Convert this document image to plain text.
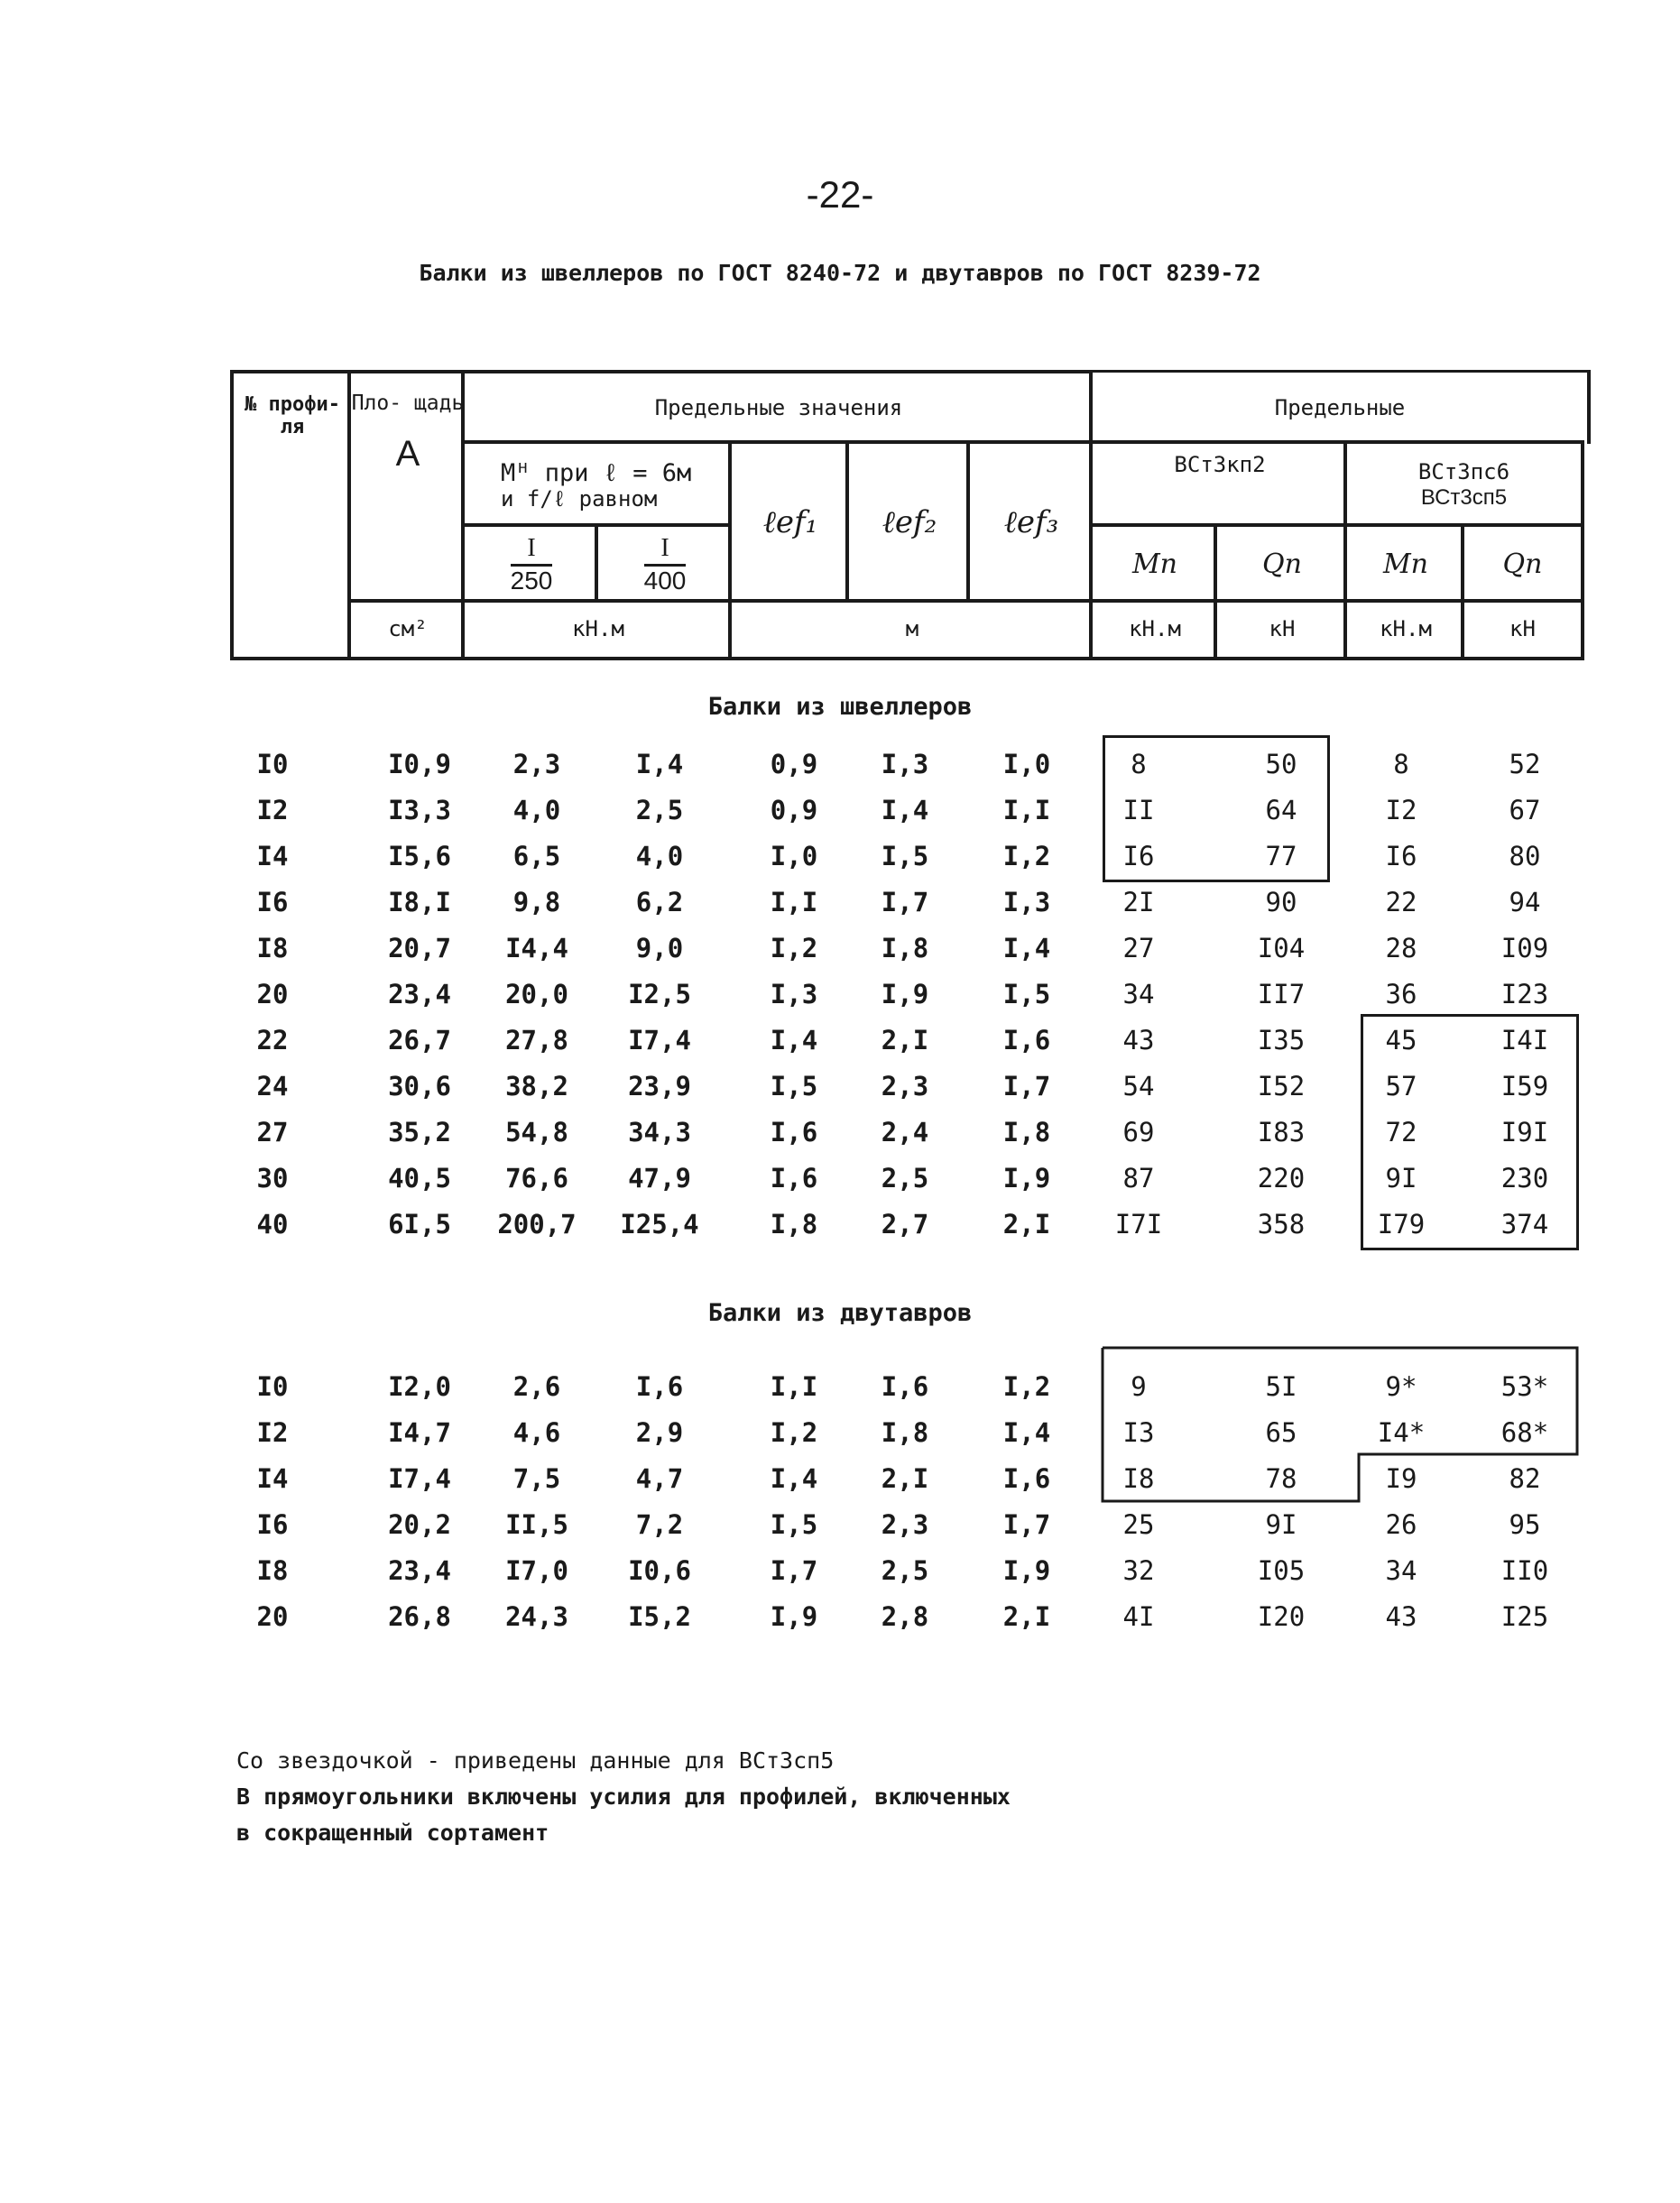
-22-
Балки из швеллеров по ГОСТ 8240-72 и двутавров по ГОСТ 8239-72
№ профи- ля
Пло- щадь
А
Предельные значения	Предельные
Mᴴ при ℓ = 6м
и f/ℓ равном
$\frac{I}{250}$
$\frac{I}{400}$
ℓef₁	ℓef₂	ℓef₃
ВСт3кп2	ВСт3пс6
ВСт3сп5
Mn	Qn	Mn	Qn
см²	кН.м	м	кН.м	кН	кН.м	кН
Балки из швеллеров
I0	I0,9	2,3	I,4	0,9	I,3	I,0	8	50	8	52
I2	I3,3	4,0	2,5	0,9	I,4	I,I	II	64	I2	67
I4	I5,6	6,5	4,0	I,0	I,5	I,2	I6	77	I6	80
I6	I8,I	9,8	6,2	I,I	I,7	I,3	2I	90	22	94
I8	20,7	I4,4	9,0	I,2	I,8	I,4	27	I04	28	I09
20	23,4	20,0	I2,5	I,3	I,9	I,5	34	II7	36	I23
22	26,7	27,8	I7,4	I,4	2,I	I,6	43	I35	45	I4I
24	30,6	38,2	23,9	I,5	2,3	I,7	54	I52	57	I59
27	35,2	54,8	34,3	I,6	2,4	I,8	69	I83	72	I9I
30	40,5	76,6	47,9	I,6	2,5	I,9	87	220	9I	230
40	6I,5	200,7	I25,4	I,8	2,7	2,I	I7I	358	I79	374
Балки из двутавров
I0	I2,0	2,6	I,6	I,I	I,6	I,2	9	5I	9*	53*
I2	I4,7	4,6	2,9	I,2	I,8	I,4	I3	65	I4*	68*
I4	I7,4	7,5	4,7	I,4	2,I	I,6	I8	78	I9	82
I6	20,2	II,5	7,2	I,5	2,3	I,7	25	9I	26	95
I8	23,4	I7,0	I0,6	I,7	2,5	I,9	32	I05	34	II0
20	26,8	24,3	I5,2	I,9	2,8	2,I	4I	I20	43	I25
Со звездочкой - приведены данные для ВСт3сп5
В прямоугольники включены усилия для профилей, включенных
в сокращенный сортамент
